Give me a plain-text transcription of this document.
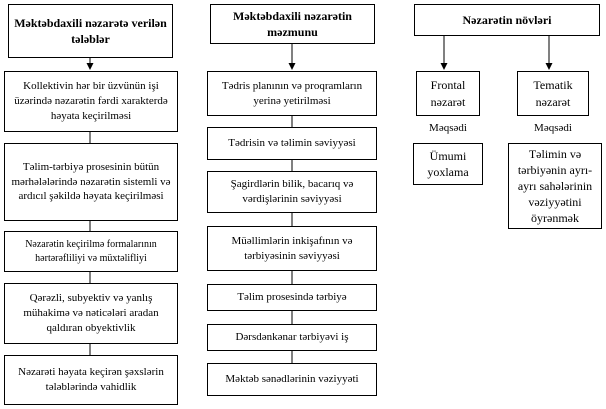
Məktəbdaxili nəzarətə verilən tələblər
Kollektivin hər bir üzvünün işi üzərində nəzarətin fərdi xarakterdə həyata keçirilməsi
Təlim-tərbiyə prosesinin bütün mərhələlərində nəzarətin sistemli və ardıcıl şəkildə həyata keçirilməsi
Nəzarətin keçirilmə formalarının hərtərəfliliyi və müxtəlifliyi
Qərəzli, subyektiv və yanlış mühakimə və nəticələri aradan qaldıran obyektivlik
Nəzarəti həyata keçirən şəxslərin tələblərində vahidlik
Məktəbdaxili nəzarətin məzmunu
Tədris planının və proqramların yerinə yetirilməsi
Tədrisin və təlimin səviyyəsi
Şagirdlərin bilik, bacarıq və vərdişlərinin səviyyəsi
Müəllimlərin inkişafının və tərbiyəsinin səviyyəsi
Təlim prosesində tərbiyə
Dərsdənkənar tərbiyəvi iş
Məktəb sənədlərinin vəziyyəti
Nəzarətin növləri
Frontal nəzarət
Tematik nəzarət
Məqsədi	Məqsədi
Ümumi yoxlama
Təlimin və tərbiyənin ayrı-ayrı sahələrinin vəziyyətini öyrənmək
